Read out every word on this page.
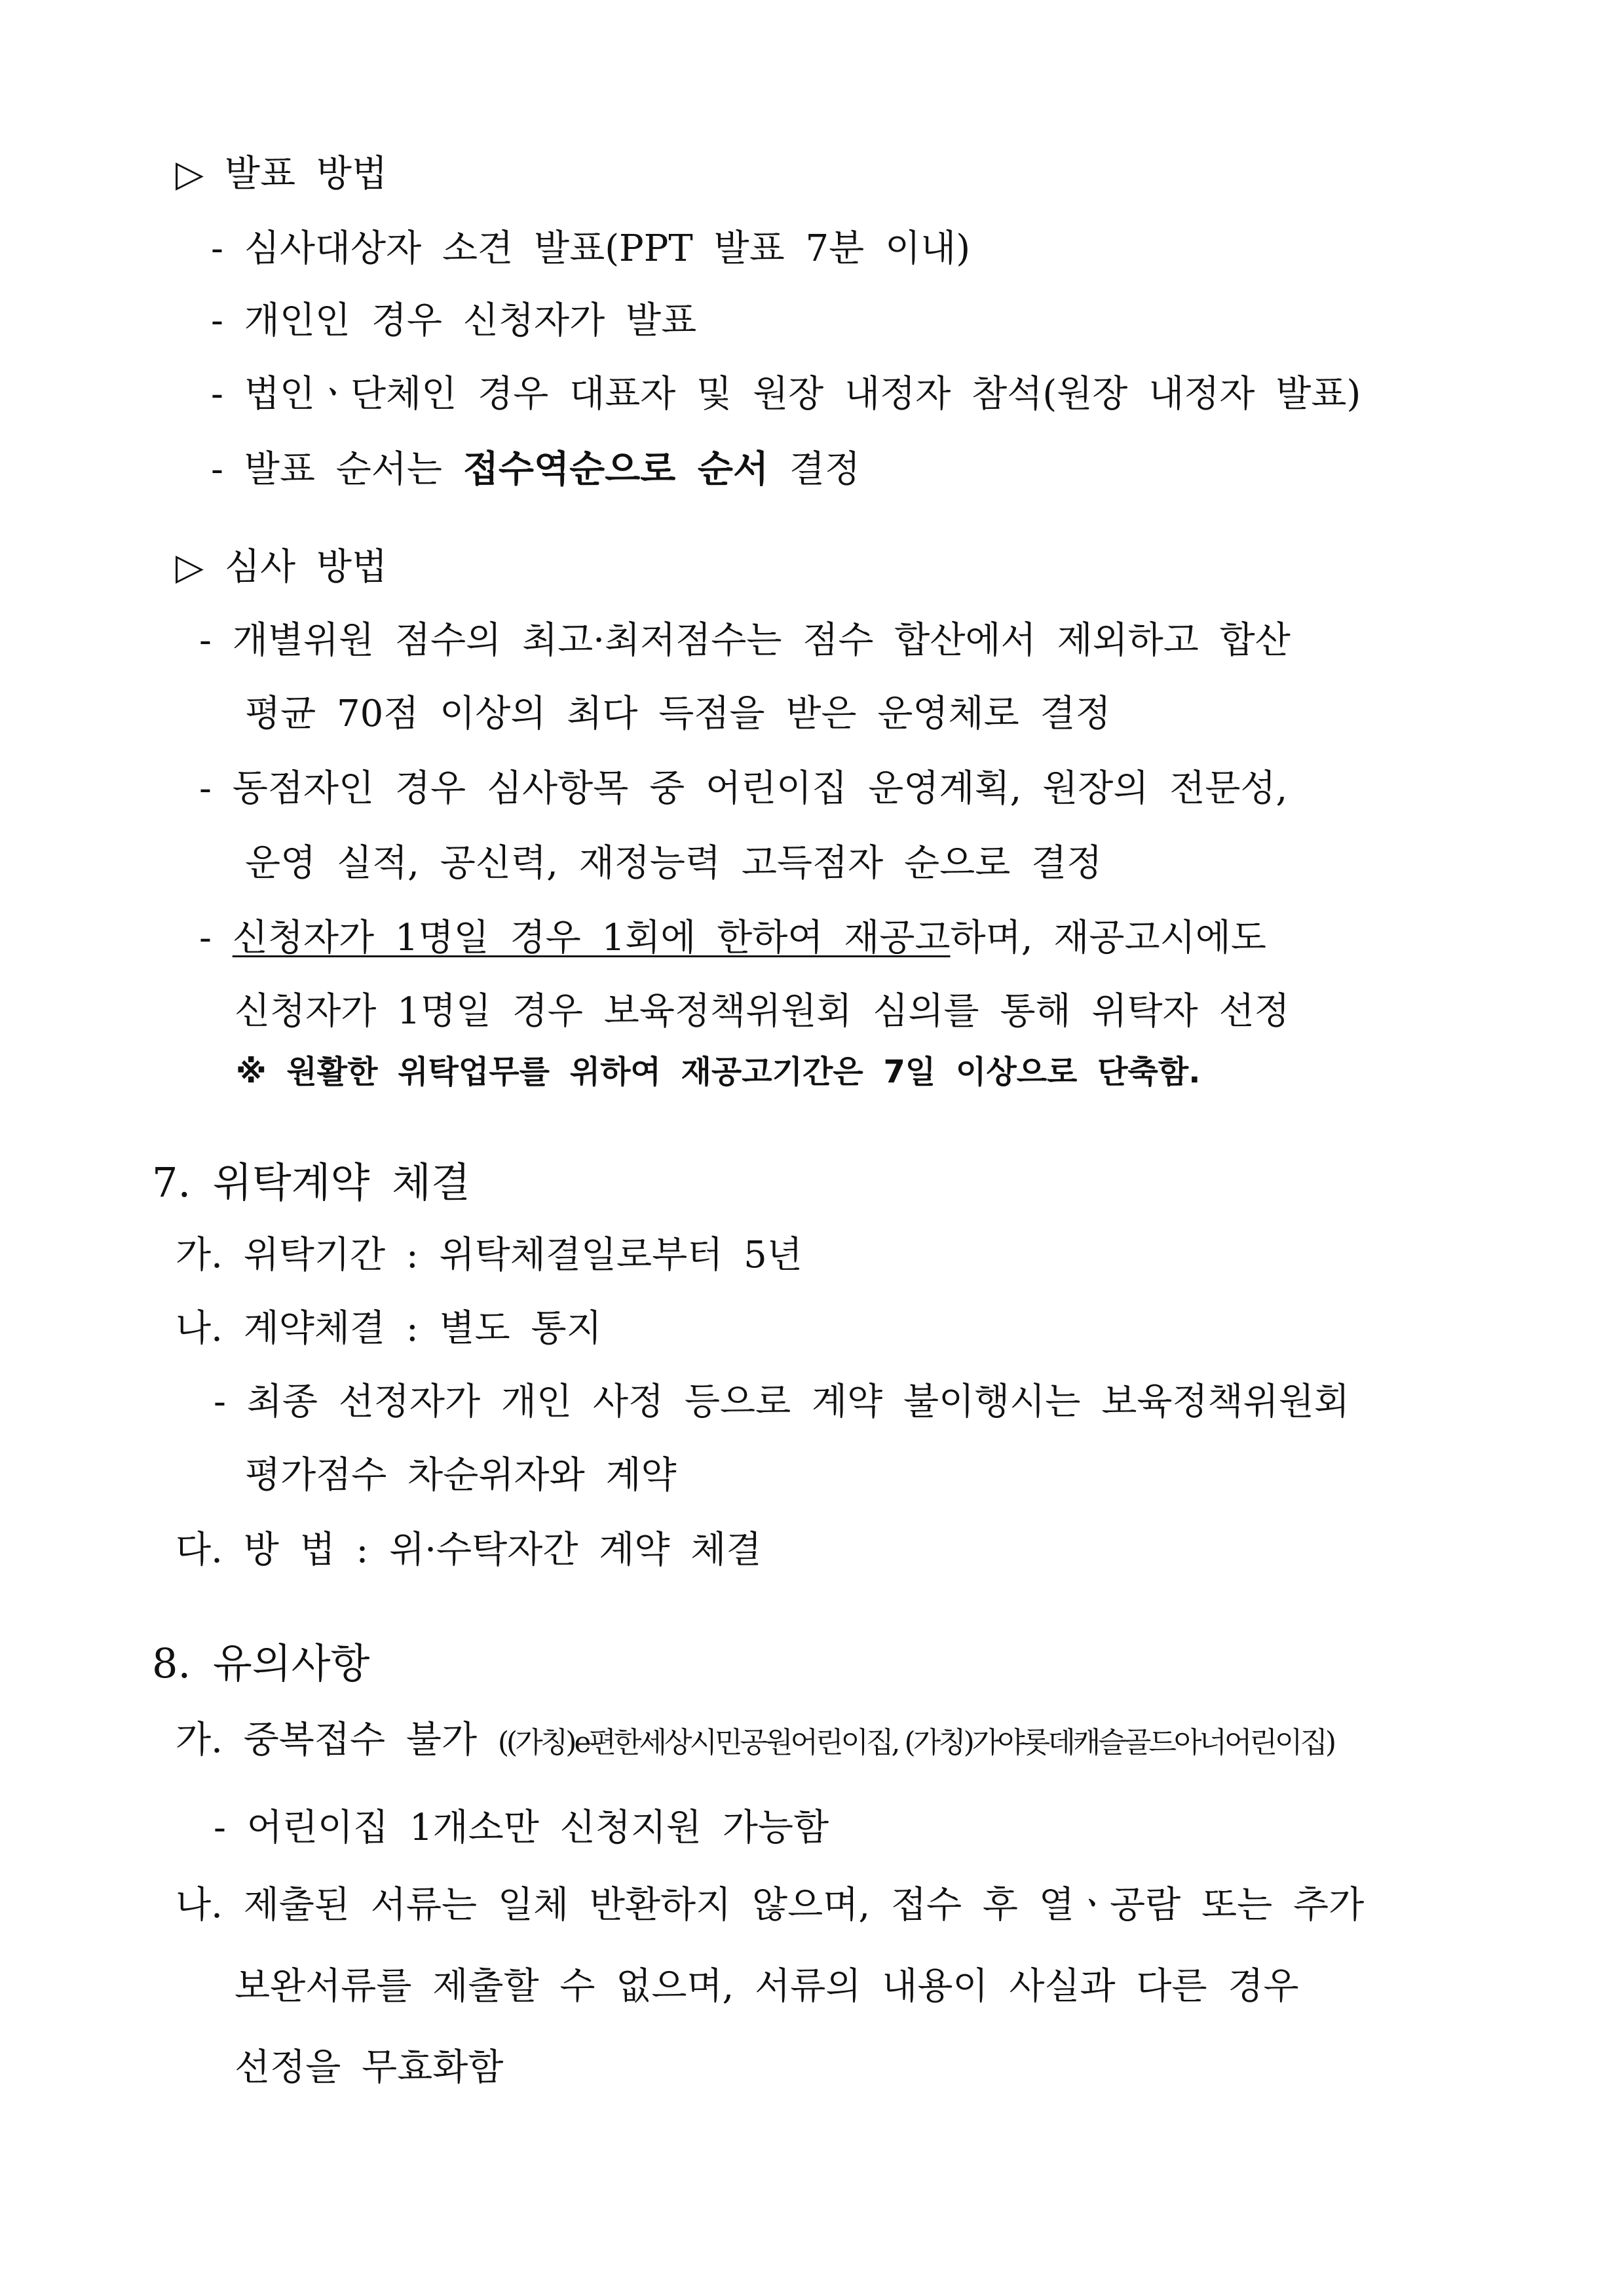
▷ 발표 방법
- 심사대상자 소견 발표(PPT 발표 7분 이내)
- 개인인 경우 신청자가 발표
- 법인ㆍ단체인 경우 대표자 및 원장 내정자 참석(원장 내정자 발표)
- 발표 순서는 접수역순으로 순서 결정
▷ 심사 방법
- 개별위원 점수의 최고·최저점수는 점수 합산에서 제외하고 합산
평균 70점 이상의 최다 득점을 받은 운영체로 결정
- 동점자인 경우 심사항목 중 어린이집 운영계획, 원장의 전문성,
운영 실적, 공신력, 재정능력 고득점자 순으로 결정
- 신청자가 1명일 경우 1회에 한하여 재공고하며, 재공고시에도
신청자가 1명일 경우 보육정책위원회 심의를 통해 위탁자 선정
※ 원활한 위탁업무를 위하여 재공고기간은 7일 이상으로 단축함.
7. 위탁계약 체결
가. 위탁기간 : 위탁체결일로부터 5년
나. 계약체결 : 별도 통지
- 최종 선정자가 개인 사정 등으로 계약 불이행시는 보육정책위원회
평가점수 차순위자와 계약
다. 방 법 : 위·수탁자간 계약 체결
8. 유의사항
가. 중복접수 불가 ((가칭)e편한세상시민공원어린이집, (가칭)가야롯데캐슬골드아너어린이집)
- 어린이집 1개소만 신청지원 가능함
나. 제출된 서류는 일체 반환하지 않으며, 접수 후 열ㆍ공람 또는 추가
보완서류를 제출할 수 없으며, 서류의 내용이 사실과 다른 경우
선정을 무효화함
